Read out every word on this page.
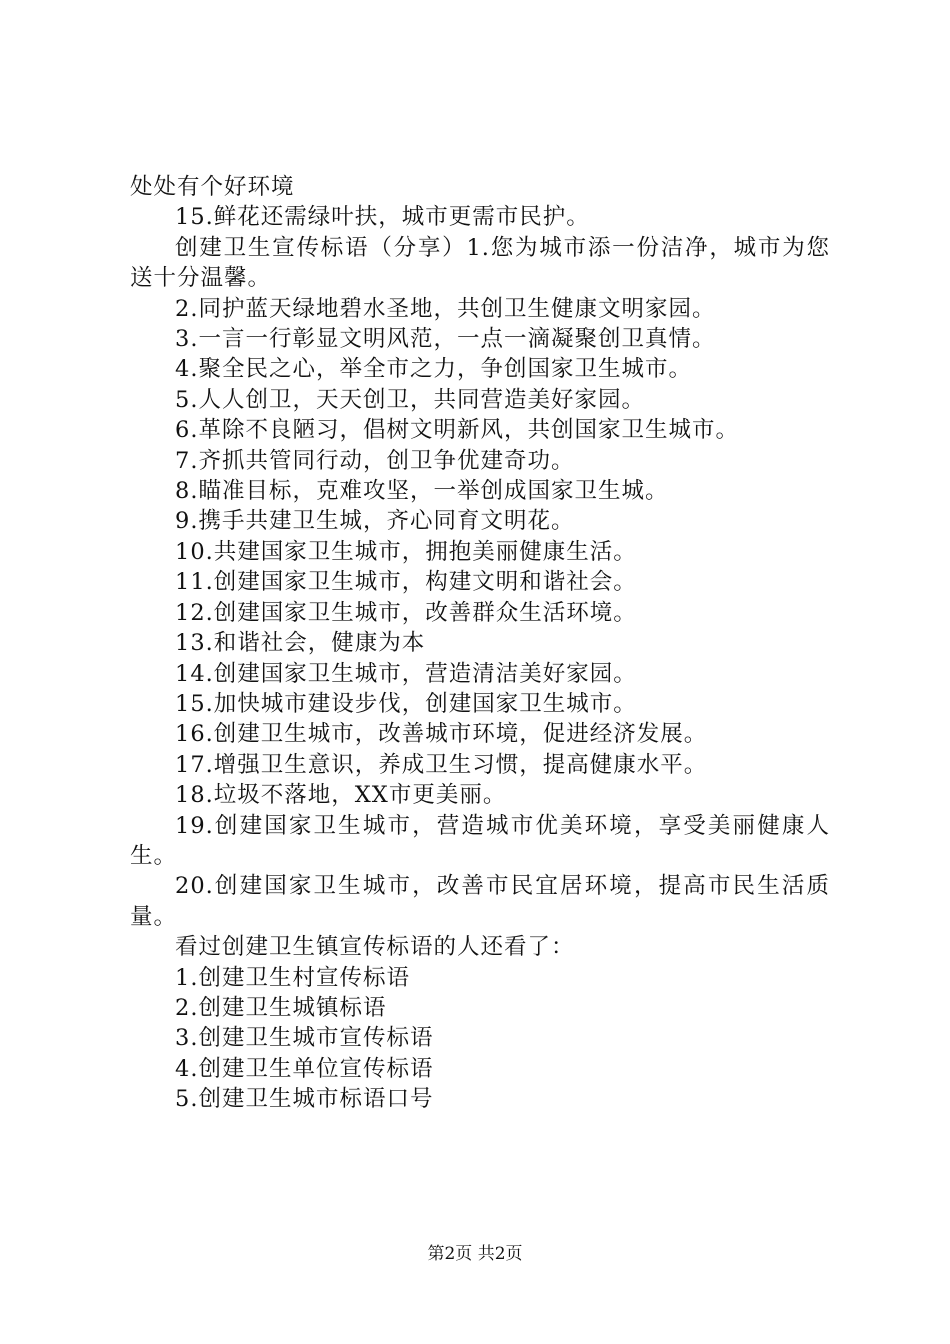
处处有个好环境

15.鲜花还需绿叶扶，城市更需市民护。

创建卫生宣传标语（分享）1.您为城市添一份洁净，城市为您送十分温馨。

2.同护蓝天绿地碧水圣地，共创卫生健康文明家园。

3.一言一行彰显文明风范，一点一滴凝聚创卫真情。

4.聚全民之心，举全市之力，争创国家卫生城市。

5.人人创卫，天天创卫，共同营造美好家园。

6.革除不良陋习，倡树文明新风，共创国家卫生城市。

7.齐抓共管同行动，创卫争优建奇功。

8.瞄准目标，克难攻坚，一举创成国家卫生城。

9.携手共建卫生城，齐心同育文明花。

10.共建国家卫生城市，拥抱美丽健康生活。

11.创建国家卫生城市，构建文明和谐社会。

12.创建国家卫生城市，改善群众生活环境。

13.和谐社会，健康为本

14.创建国家卫生城市，营造清洁美好家园。

15.加快城市建设步伐，创建国家卫生城市。

16.创建卫生城市，改善城市环境，促进经济发展。

17.增强卫生意识，养成卫生习惯，提高健康水平。

18.垃圾不落地，XX市更美丽。

19.创建国家卫生城市，营造城市优美环境，享受美丽健康人生。

20.创建国家卫生城市，改善市民宜居环境，提高市民生活质量。

看过创建卫生镇宣传标语的人还看了：

1.创建卫生村宣传标语

2.创建卫生城镇标语

3.创建卫生城市宣传标语

4.创建卫生单位宣传标语

5.创建卫生城市标语口号

第2页 共2页
